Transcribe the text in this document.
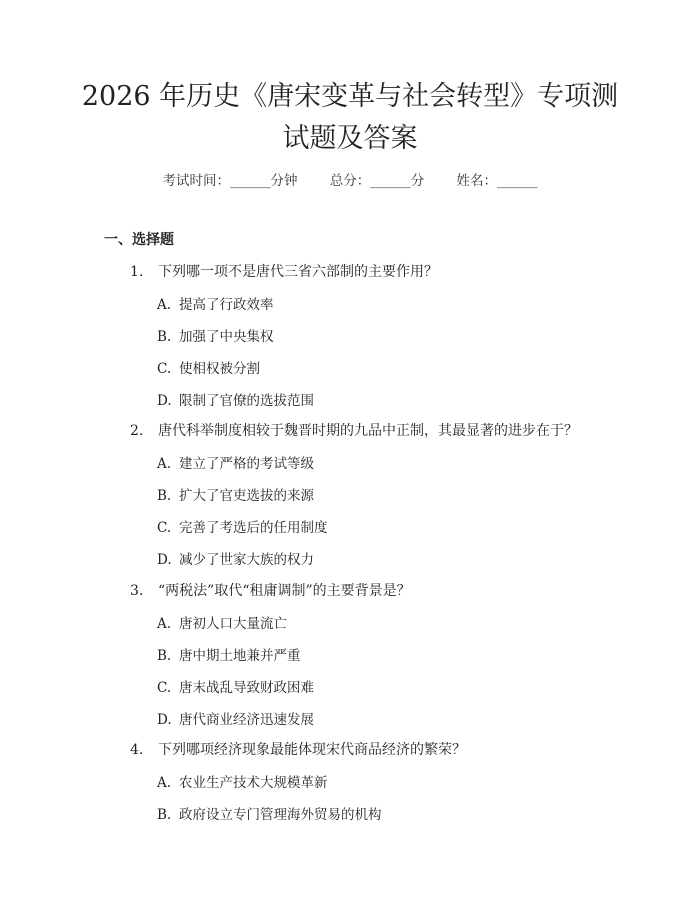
2026 年历史《唐宋变革与社会转型》专项测
试题及答案
考试时间：______分钟 总分：______分 姓名：______
一、选择题
1. 下列哪一项不是唐代三省六部制的主要作用？
A. 提高了行政效率
B. 加强了中央集权
C. 使相权被分割
D. 限制了官僚的选拔范围
2. 唐代科举制度相较于魏晋时期的九品中正制，其最显著的进步在于？
A. 建立了严格的考试等级
B. 扩大了官吏选拔的来源
C. 完善了考选后的任用制度
D. 减少了世家大族的权力
3. “两税法”取代“租庸调制”的主要背景是？
A. 唐初人口大量流亡
B. 唐中期土地兼并严重
C. 唐末战乱导致财政困难
D. 唐代商业经济迅速发展
4. 下列哪项经济现象最能体现宋代商品经济的繁荣？
A. 农业生产技术大规模革新
B. 政府设立专门管理海外贸易的机构
